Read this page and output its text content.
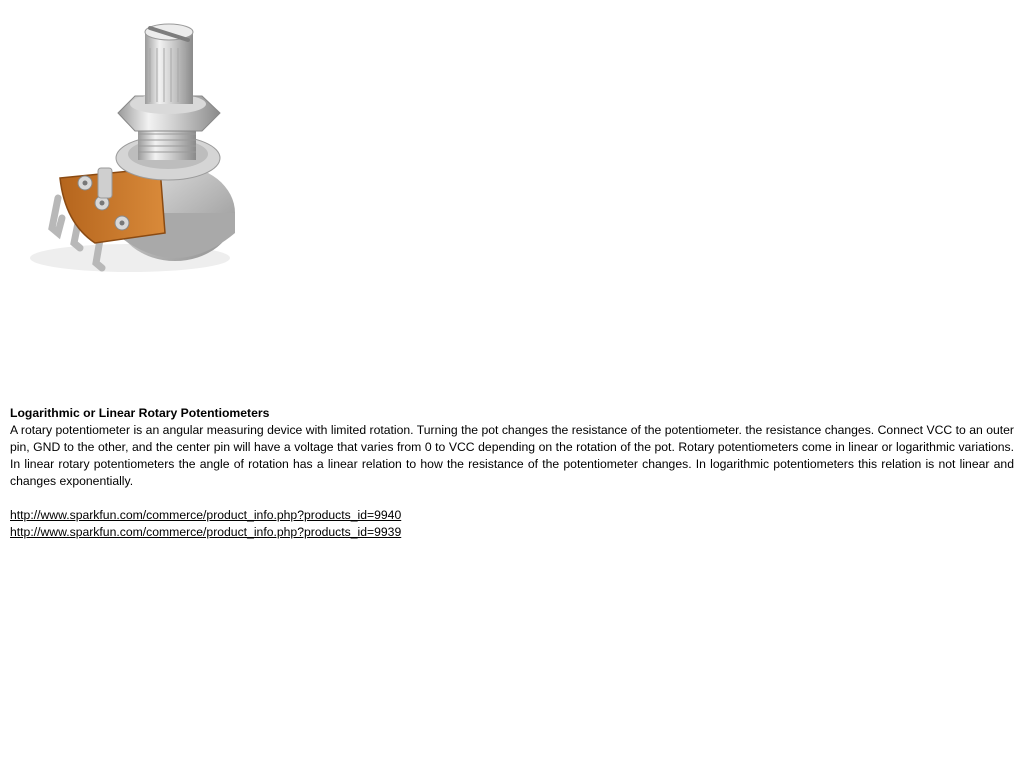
Logarithmic or Linear Rotary Potentiometers

A rotary potentiometer is an angular measuring device with limited rotation. Turning the pot changes the resistance of the potentiometer. the resistance changes. Connect VCC to an outer pin, GND to the other, and the center pin will have a voltage that varies from 0 to VCC depending on the rotation of the pot. Rotary potentiometers come in linear or logarithmic variations. In linear rotary potentiometers the angle of rotation has a linear relation to how the resistance of the potentiometer changes. In logarithmic potentiometers this relation is not linear and changes exponentially.

http://www.sparkfun.com/commerce/product_info.php?products_id=9940
http://www.sparkfun.com/commerce/product_info.php?products_id=9939
